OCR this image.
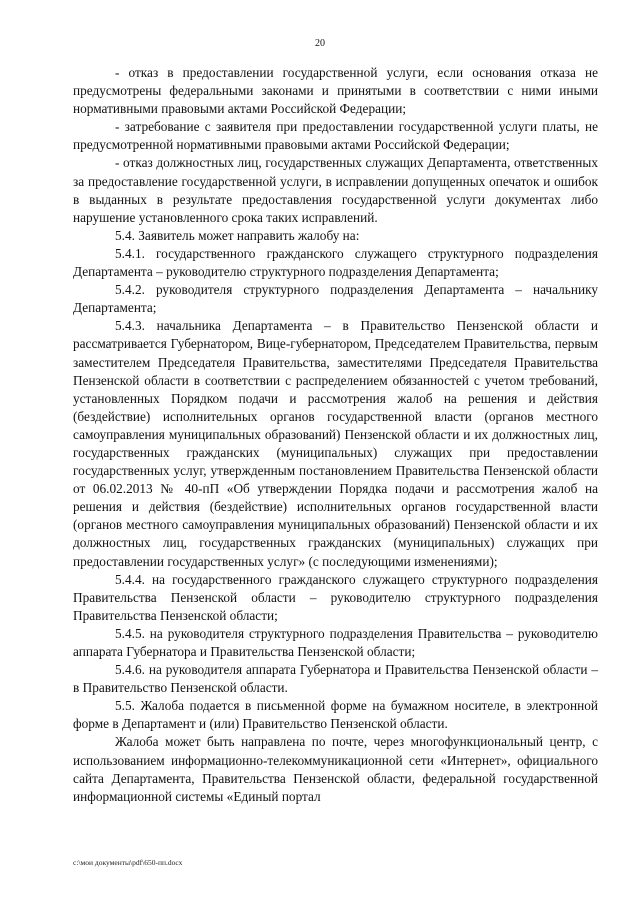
20

- отказ в предоставлении государственной услуги, если основания отказа не предусмотрены федеральными законами и принятыми в соответствии с ними иными нормативными правовыми актами Российской Федерации;

- затребование с заявителя при предоставлении государственной услуги платы, не предусмотренной нормативными правовыми актами Российской Федерации;

- отказ должностных лиц, государственных служащих Департамента, ответственных за предоставление государственной услуги, в исправлении допущенных опечаток и ошибок в выданных в результате предоставления государственной услуги документах либо нарушение установленного срока таких исправлений.

5.4. Заявитель может направить жалобу на:

5.4.1. государственного гражданского служащего структурного подразделения Департамента – руководителю структурного подразделения Департамента;

5.4.2. руководителя структурного подразделения Департамента – начальнику Департамента;

5.4.3. начальника Департамента – в Правительство Пензенской области и рассматривается Губернатором, Вице-губернатором, Председателем Правительства, первым заместителем Председателя Правительства, заместителями Председателя Правительства Пензенской области в соответствии с распределением обязанностей с учетом требований, установленных Порядком подачи и рассмотрения жалоб на решения и действия (бездействие) исполнительных органов государственной власти (органов местного самоуправления муниципальных образований) Пензенской области и их должностных лиц, государственных гражданских (муниципальных) служащих при предоставлении государственных услуг, утвержденным постановлением Правительства Пензенской области от 06.02.2013 № 40-пП «Об утверждении Порядка подачи и рассмотрения жалоб на решения и действия (бездействие) исполнительных органов государственной власти (органов местного самоуправления муниципальных образований) Пензенской области и их должностных лиц, государственных гражданских (муниципальных) служащих при предоставлении государственных услуг» (с последующими изменениями);

5.4.4. на государственного гражданского служащего структурного подразделения Правительства Пензенской области – руководителю структурного подразделения Правительства Пензенской области;

5.4.5. на руководителя структурного подразделения Правительства – руководителю аппарата Губернатора и Правительства Пензенской области;

5.4.6. на руководителя аппарата Губернатора и Правительства Пензенской области – в Правительство Пензенской области.

5.5. Жалоба подается в письменной форме на бумажном носителе, в электронной форме в Департамент и (или) Правительство Пензенской области.

Жалоба может быть направлена по почте, через многофункциональный центр, с использованием информационно-телекоммуникационной сети «Интернет», официального сайта Департамента, Правительства Пензенской области, федеральной государственной информационной системы «Единый портал

c:\мои документы\pdf\650-пп.docx
